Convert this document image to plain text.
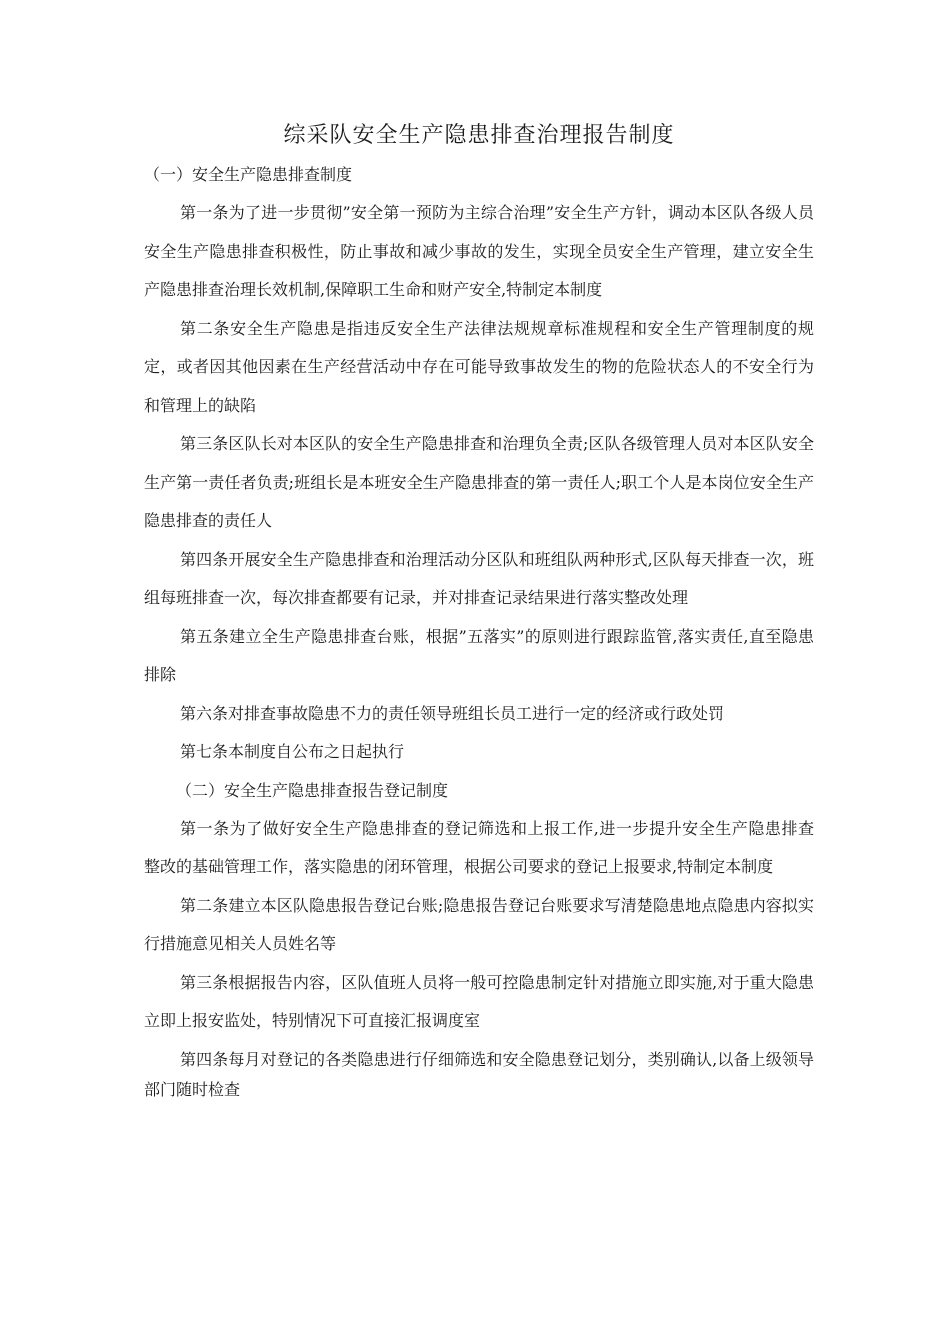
综采队安全生产隐患排查治理报告制度

（一）安全生产隐患排查制度

第一条为了进一步贯彻”安全第一预防为主综合治理”安全生产方针，调动本区队各级人员安全生产隐患排查积极性，防止事故和减少事故的发生，实现全员安全生产管理，建立安全生产隐患排查治理长效机制,保障职工生命和财产安全,特制定本制度

第二条安全生产隐患是指违反安全生产法律法规规章标准规程和安全生产管理制度的规定，或者因其他因素在生产经营活动中存在可能导致事故发生的物的危险状态人的不安全行为和管理上的缺陷

第三条区队长对本区队的安全生产隐患排查和治理负全责;区队各级管理人员对本区队安全生产第一责任者负责;班组长是本班安全生产隐患排查的第一责任人;职工个人是本岗位安全生产隐患排查的责任人

第四条开展安全生产隐患排查和治理活动分区队和班组队两种形式,区队每天排查一次，班组每班排查一次，每次排查都要有记录，并对排查记录结果进行落实整改处理

第五条建立全生产隐患排查台账，根据”五落实”的原则进行跟踪监管,落实责任,直至隐患排除

第六条对排查事故隐患不力的责任领导班组长员工进行一定的经济或行政处罚

第七条本制度自公布之日起执行

（二）安全生产隐患排查报告登记制度

第一条为了做好安全生产隐患排查的登记筛选和上报工作,进一步提升安全生产隐患排查 整改的基础管理工作，落实隐患的闭环管理，根据公司要求的登记上报要求,特制定本制度

第二条建立本区队隐患报告登记台账;隐患报告登记台账要求写清楚隐患地点隐患内容拟实行措施意见相关人员姓名等

第三条根据报告内容，区队值班人员将一般可控隐患制定针对措施立即实施,对于重大隐患立即上报安监处，特别情况下可直接汇报调度室

第四条每月对登记的各类隐患进行仔细筛选和安全隐患登记划分，类别确认,以备上级领导部门随时检查
